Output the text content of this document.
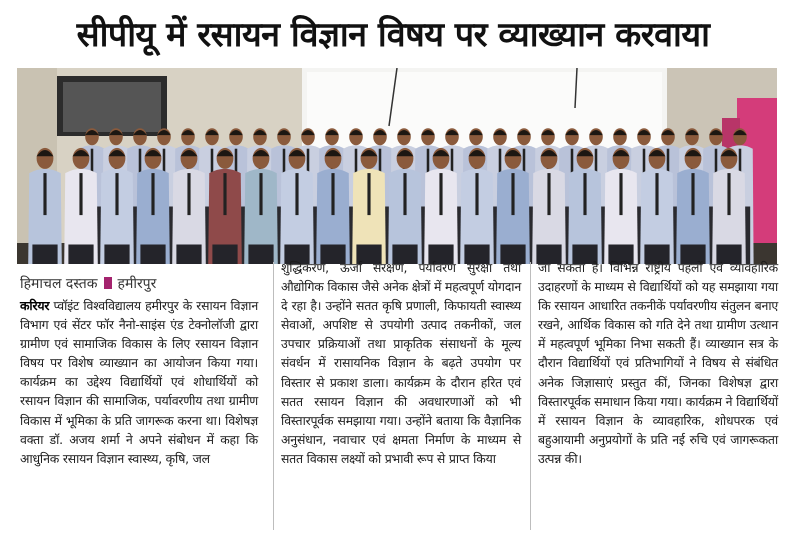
सीपीयू में रसायन विज्ञान विषय पर व्याख्यान करवाया
हिमाचल दस्तक हमीरपुर
करियर प्वॉइंट विश्वविद्यालय हमीरपुर के रसायन विज्ञान विभाग एवं सेंटर फॉर नैनो-साइंस एंड टेक्नोलॉजी द्वारा ग्रामीण एवं सामाजिक विकास के लिए रसायन विज्ञान विषय पर विशेष व्याख्यान का आयोजन किया गया। कार्यक्रम का उद्देश्य विद्यार्थियों एवं शोधार्थियों को रसायन विज्ञान की सामाजिक, पर्यावरणीय तथा ग्रामीण विकास में भूमिका के प्रति जागरूक करना था। विशेषज्ञ वक्ता डॉ. अजय शर्मा ने अपने संबोधन में कहा कि आधुनिक रसायन विज्ञान स्वास्थ्य, कृषि, जल
शुद्धिकरण, ऊर्जा संरक्षण, पर्यावरण सुरक्षा तथा औद्योगिक विकास जैसे अनेक क्षेत्रों में महत्वपूर्ण योगदान दे रहा है। उन्होंने सतत कृषि प्रणाली, किफायती स्वास्थ्य सेवाओं, अपशिष्ट से उपयोगी उत्पाद तकनीकों, जल उपचार प्रक्रियाओं तथा प्राकृतिक संसाधनों के मूल्य संवर्धन में रासायनिक विज्ञान के बढ़ते उपयोग पर विस्तार से प्रकाश डाला। कार्यक्रम के दौरान हरित एवं सतत रसायन विज्ञान की अवधारणाओं को भी विस्तारपूर्वक समझाया गया। उन्होंने बताया कि वैज्ञानिक अनुसंधान, नवाचार एवं क्षमता निर्माण के माध्यम से सतत विकास लक्ष्यों को प्रभावी रूप से प्राप्त किया
जा सकता है। विभिन्न राष्ट्रीय पहलों एवं व्यावहारिक उदाहरणों के माध्यम से विद्यार्थियों को यह समझाया गया कि रसायन आधारित तकनीकें पर्यावरणीय संतुलन बनाए रखने, आर्थिक विकास को गति देने तथा ग्रामीण उत्थान में महत्वपूर्ण भूमिका निभा सकती हैं। व्याख्यान सत्र के दौरान विद्यार्थियों एवं प्रतिभागियों ने विषय से संबंधित अनेक जिज्ञासाएं प्रस्तुत कीं, जिनका विशेषज्ञ द्वारा विस्तारपूर्वक समाधान किया गया। कार्यक्रम ने विद्यार्थियों में रसायन विज्ञान के व्यावहारिक, शोधपरक एवं बहुआयामी अनुप्रयोगों के प्रति नई रुचि एवं जागरूकता उत्पन्न की।
